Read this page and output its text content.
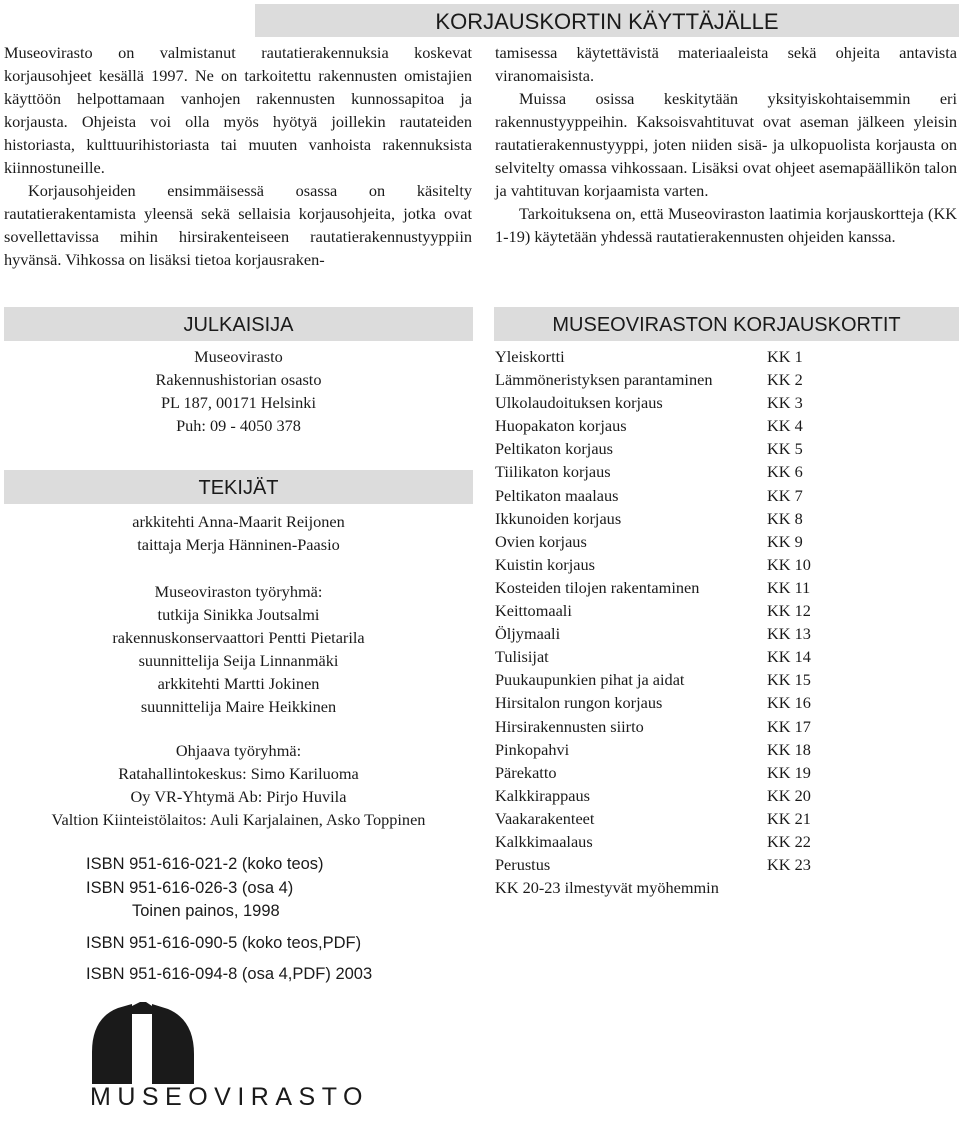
KORJAUSKORTIN KÄYTTÄJÄLLE

Museovirasto on valmistanut rautatierakennuksia koskevat korjausohjeet kesällä 1997. Ne on tarkoitettu rakennusten omistajien käyttöön helpottamaan vanhojen rakennusten kunnossapitoa ja korjausta. Ohjeista voi olla myös hyötyä joillekin rautateiden historiasta, kulttuurihistoriasta tai muuten vanhoista rakennuksista kiinnostuneille.

Korjausohjeiden ensimmäisessä osassa on käsitelty rautatierakentamista yleensä sekä sellaisia korjausohjeita, jotka ovat sovellettavissa mihin hirsirakenteiseen rautatierakennustyyppiin hyvänsä. Vihkossa on lisäksi tietoa korjausraken-

tamisessa käytettävistä materiaaleista sekä ohjeita antavista viranomaisista.

Muissa osissa keskitytään yksityiskohtaisemmin eri rakennustyyppeihin. Kaksoisvahtituvat ovat aseman jälkeen yleisin rautatierakennustyyppi, joten niiden sisä- ja ulkopuolista korjausta on selvitelty omassa vihkossaan. Lisäksi ovat ohjeet asemapäällikön talon ja vahtituvan korjaamista varten.

Tarkoituksena on, että Museoviraston laatimia korjauskortteja (KK 1-19) käytetään yhdessä rautatierakennusten ohjeiden kanssa.

JULKAISIJA
Museovirasto
Rakennushistorian osasto
PL 187, 00171 Helsinki
Puh: 09 - 4050 378
TEKIJÄT
arkkitehti Anna-Maarit Reijonen
taittaja Merja Hänninen-Paasio
Museoviraston työryhmä:
tutkija Sinikka Joutsalmi
rakennuskonservaattori Pentti Pietarila
suunnittelija Seija Linnanmäki
arkkitehti Martti Jokinen
suunnittelija Maire Heikkinen
Ohjaava työryhmä:
Ratahallintokeskus: Simo Kariluoma
Oy VR-Yhtymä Ab: Pirjo Huvila
Valtion Kiinteistölaitos: Auli Karjalainen, Asko Toppinen
ISBN 951-616-021-2 (koko teos)
ISBN 951-616-026-3 (osa 4)
Toinen painos, 1998
ISBN 951-616-090-5 (koko teos,PDF)
ISBN 951-616-094-8 (osa 4,PDF) 2003
MUSEOVIRASTON KORJAUSKORTIT
Yleiskortti	KK 1
Lämmöneristyksen parantaminen	KK 2
Ulkolaudoituksen korjaus	KK 3
Huopakaton korjaus	KK 4
Peltikaton korjaus	KK 5
Tiilikaton korjaus	KK 6
Peltikaton maalaus	KK 7
Ikkunoiden korjaus	KK 8
Ovien korjaus	KK 9
Kuistin korjaus	KK 10
Kosteiden tilojen rakentaminen	KK 11
Keittomaali	KK 12
Öljymaali	KK 13
Tulisijat	KK 14
Puukaupunkien pihat ja aidat	KK 15
Hirsitalon rungon korjaus	KK 16
Hirsirakennusten siirto	KK 17
Pinkopahvi	KK 18
Pärekatto	KK 19
Kalkkirappaus	KK 20
Vaakarakenteet	KK 21
Kalkkimaalaus	KK 22
Perustus	KK 23
KK 20-23 ilmestyvät myöhemmin
MUSEOVIRASTO
